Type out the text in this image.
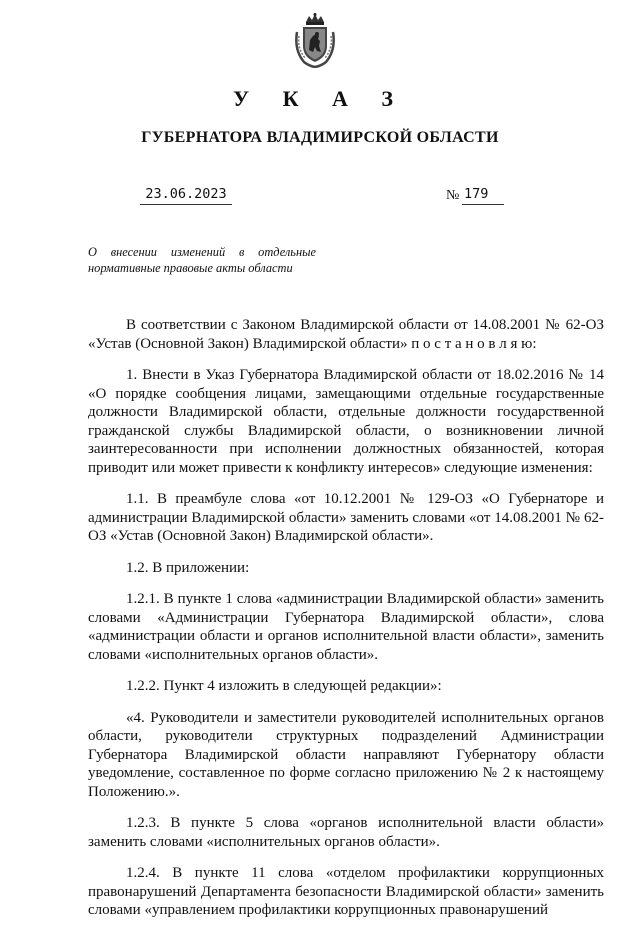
У К А З
ГУБЕРНАТОРА ВЛАДИМИРСКОЙ ОБЛАСТИ
23.06.2023	№ 179
О внесении изменений в отдельные нормативные правовые акты области

В соответствии с Законом Владимирской области от 14.08.2001 № 62-ОЗ «Устав (Основной Закон) Владимирской области» п о с т а н о в л я ю:

1. Внести в Указ Губернатора Владимирской области от 18.02.2016 № 14 «О порядке сообщения лицами, замещающими отдельные государственные должности Владимирской области, отдельные должности государственной гражданской службы Владимирской области, о возникновении личной заинтересованности при исполнении должностных обязанностей, которая приводит или может привести к конфликту интересов» следующие изменения:

1.1. В преамбуле слова «от 10.12.2001 № 129-ОЗ «О Губернаторе и администрации Владимирской области» заменить словами «от 14.08.2001 № 62-ОЗ «Устав (Основной Закон) Владимирской области».

1.2. В приложении:

1.2.1. В пункте 1 слова «администрации Владимирской области» заменить словами «Администрации Губернатора Владимирской области», слова «администрации области и органов исполнительной власти области», заменить словами «исполнительных органов области».

1.2.2. Пункт 4 изложить в следующей редакции»:

«4. Руководители и заместители руководителей исполнительных органов области, руководители структурных подразделений Администрации Губернатора Владимирской области направляют Губернатору области уведомление, составленное по форме согласно приложению № 2 к настоящему Положению.».

1.2.3. В пункте 5 слова «органов исполнительной власти области» заменить словами «исполнительных органов области».

1.2.4. В пункте 11 слова «отделом профилактики коррупционных правонарушений Департамента безопасности Владимирской области» заменить словами «управлением профилактики коррупционных правонарушений
